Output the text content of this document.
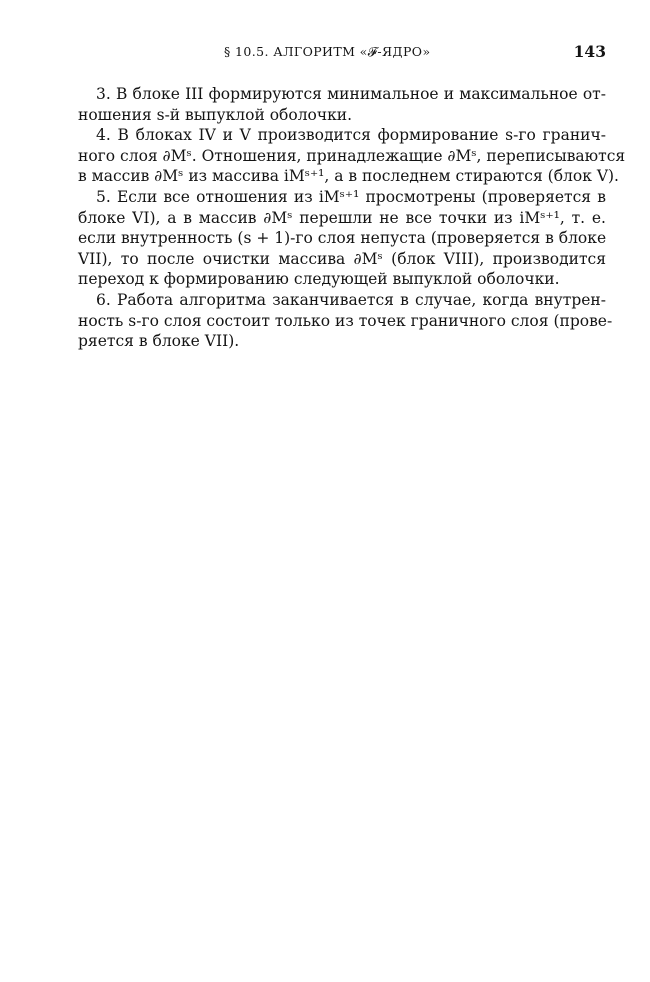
§ 10.5. АЛГОРИТМ «𝓕-ЯДРО»	143
3. В блоке III формируются минимальное и максимальное от-
ношения s-й выпуклой оболочки.
4. В блоках IV и V производится формирование s-го гранич-
ного слоя ∂Mˢ. Отношения, принадлежащие ∂Mˢ, переписываются
в массив ∂Mˢ из массива iMˢ⁺¹, а в последнем стираются (блок V).
5. Если все отношения из iMˢ⁺¹ просмотрены (проверяется в
блоке VI), а в массив ∂Mˢ перешли не все точки из iMˢ⁺¹, т. е.
если внутренность (s + 1)-го слоя непуста (проверяется в блоке
VII), то после очистки массива ∂Mˢ (блок VIII), производится
переход к формированию следующей выпуклой оболочки.
6. Работа алгоритма заканчивается в случае, когда внутрен-
ность s-го слоя состоит только из точек граничного слоя (прове-
ряется в блоке VII).
